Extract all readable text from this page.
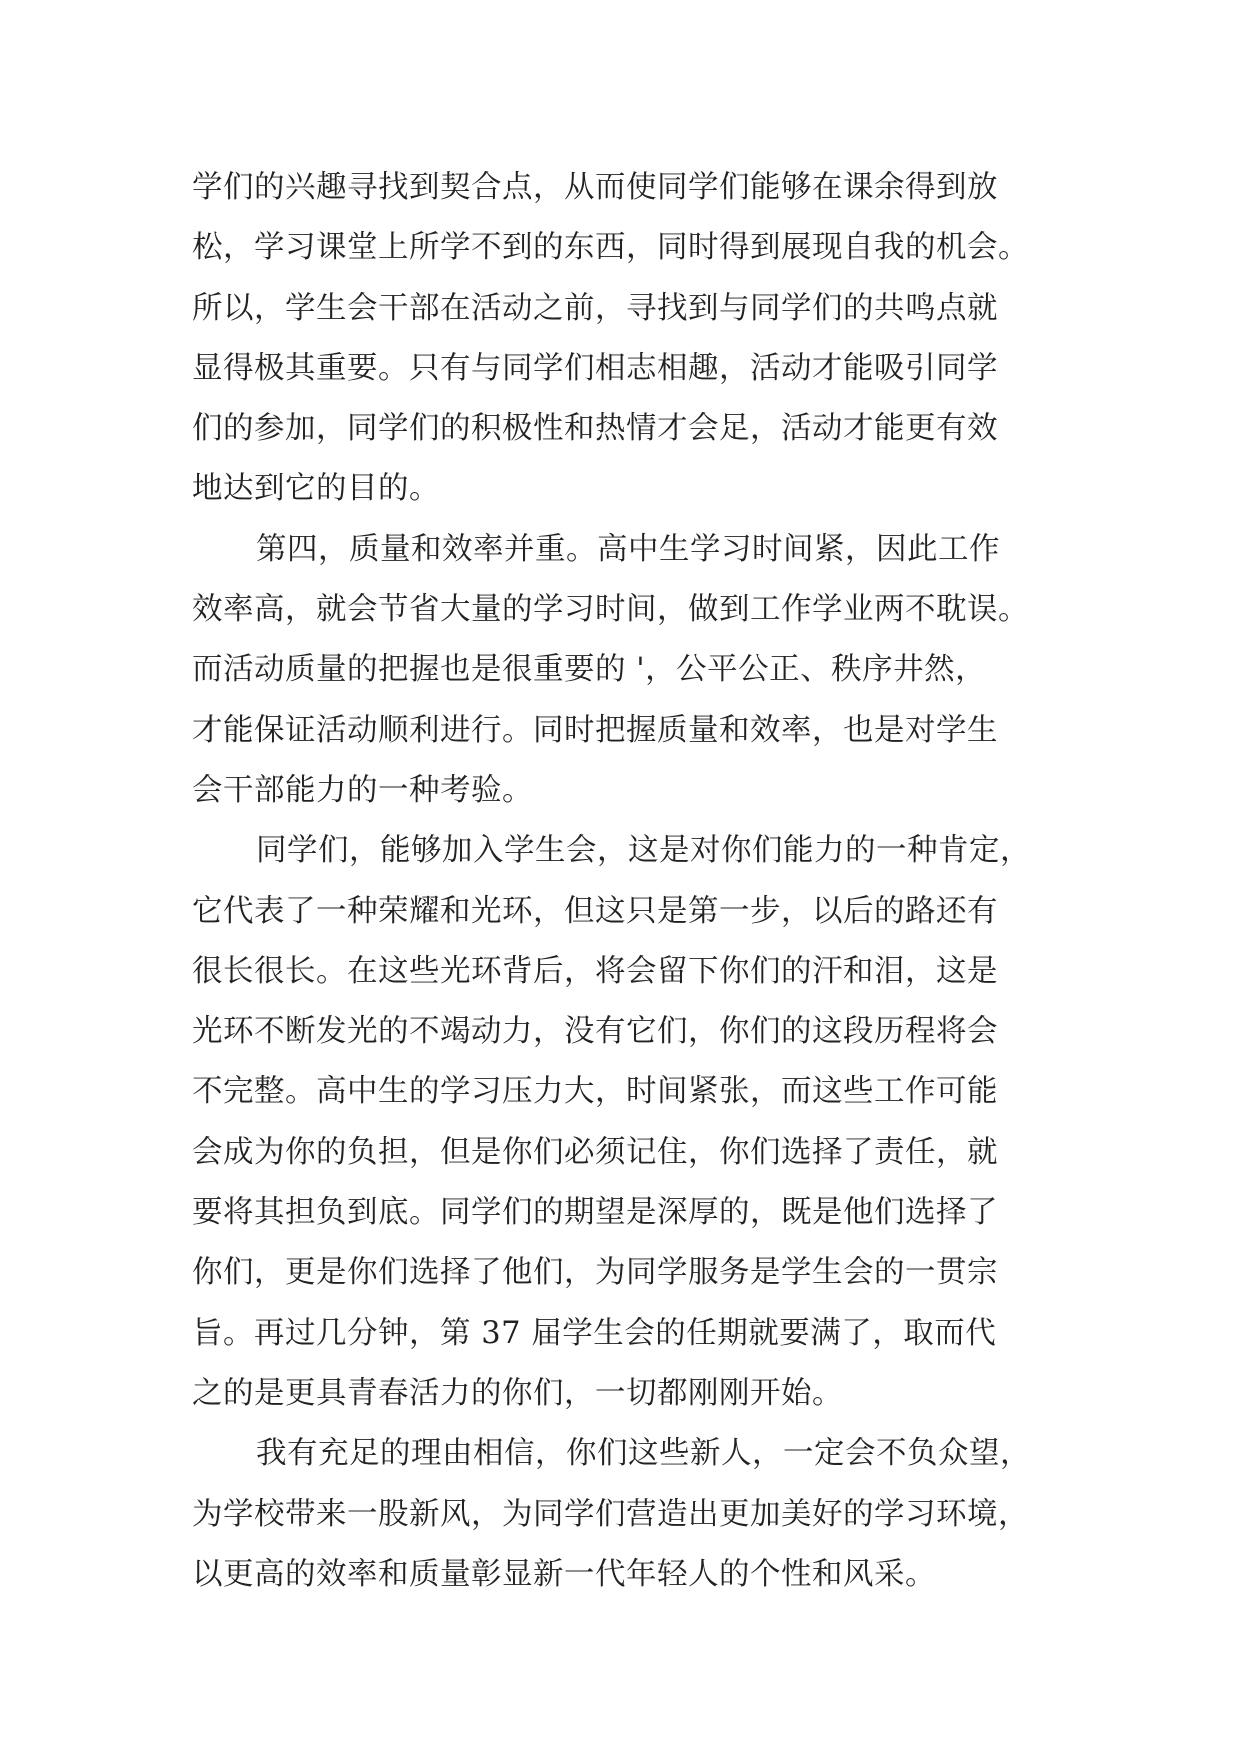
学们的兴趣寻找到契合点，从而使同学们能够在课余得到放
松，学习课堂上所学不到的东西，同时得到展现自我的机会。
所以，学生会干部在活动之前，寻找到与同学们的共鸣点就
显得极其重要。只有与同学们相志相趣，活动才能吸引同学
们的参加，同学们的积极性和热情才会足，活动才能更有效
地达到它的目的。
第四，质量和效率并重。高中生学习时间紧，因此工作
效率高，就会节省大量的学习时间，做到工作学业两不耽误。
而活动质量的把握也是很重要的 '，公平公正、秩序井然，
才能保证活动顺利进行。同时把握质量和效率，也是对学生
会干部能力的一种考验。
同学们，能够加入学生会，这是对你们能力的一种肯定，
它代表了一种荣耀和光环，但这只是第一步，以后的路还有
很长很长。在这些光环背后，将会留下你们的汗和泪，这是
光环不断发光的不竭动力，没有它们，你们的这段历程将会
不完整。高中生的学习压力大，时间紧张，而这些工作可能
会成为你的负担，但是你们必须记住，你们选择了责任，就
要将其担负到底。同学们的期望是深厚的，既是他们选择了
你们，更是你们选择了他们，为同学服务是学生会的一贯宗
旨。再过几分钟，第 37 届学生会的任期就要满了，取而代
之的是更具青春活力的你们，一切都刚刚开始。
我有充足的理由相信，你们这些新人，一定会不负众望，
为学校带来一股新风，为同学们营造出更加美好的学习环境，
以更高的效率和质量彰显新一代年轻人的个性和风采。
